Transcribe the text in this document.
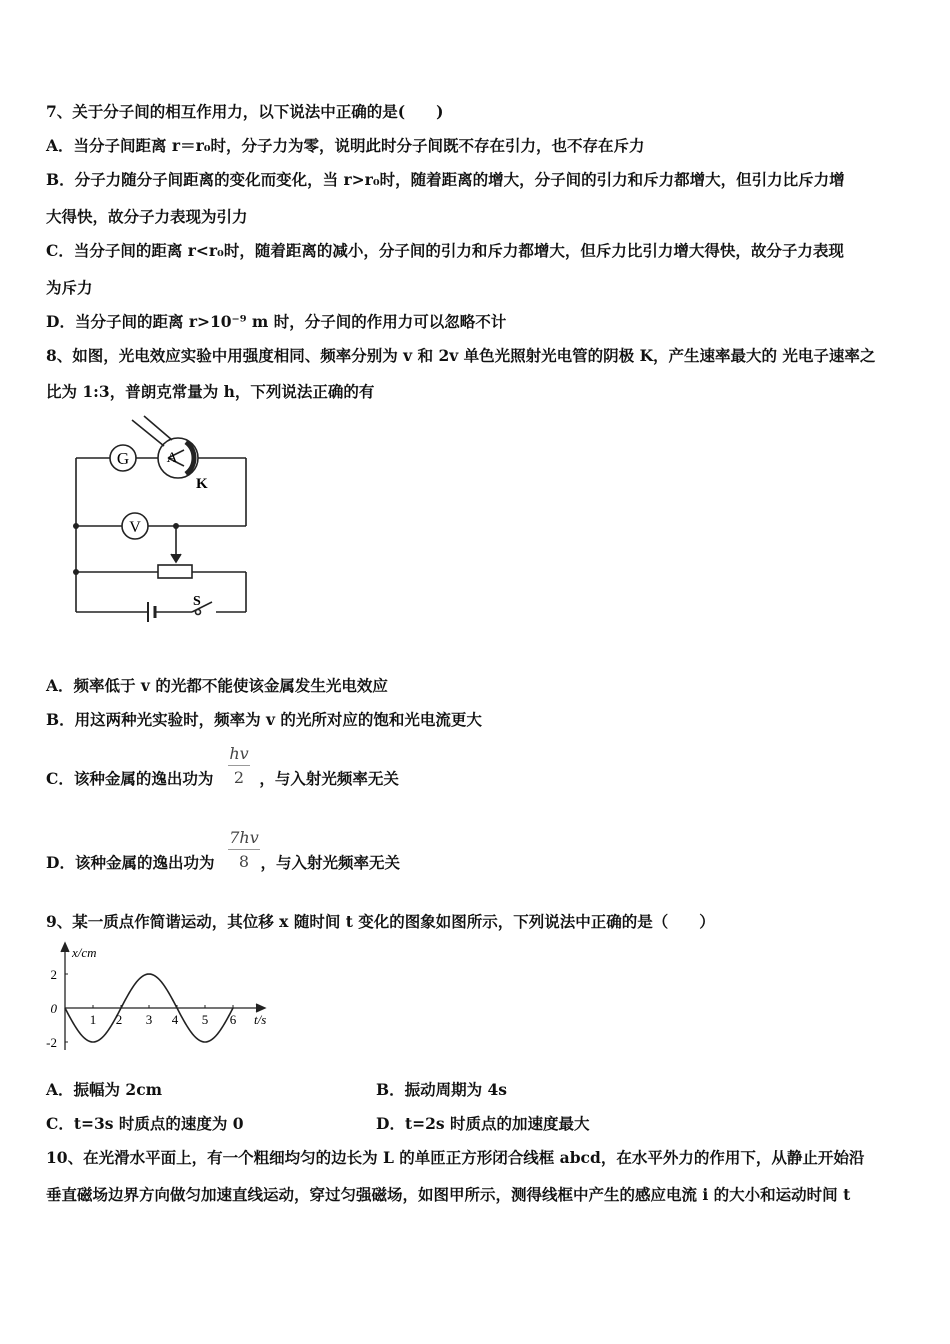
7、关于分子间的相互作用力，以下说法中正确的是(　　)
A．当分子间距离 r＝r₀时，分子力为零，说明此时分子间既不存在引力，也不存在斥力
B．分子力随分子间距离的变化而变化，当 r>r₀时，随着距离的增大，分子间的引力和斥力都增大，但引力比斥力增
大得快，故分子力表现为引力
C．当分子间的距离 r<r₀时，随着距离的减小，分子间的引力和斥力都增大，但斥力比引力增大得快，故分子力表现
为斥力
D．当分子间的距离 r>10⁻⁹ m 时，分子间的作用力可以忽略不计
8、如图，光电效应实验中用强度相同、频率分别为 v 和 2v 单色光照射光电管的阴极 K，产生速率最大的 光电子速率之
比为 1:3，普朗克常量为 h，下列说法正确的有
G A
K
V
S
A．频率低于 v 的光都不能使该金属发生光电效应
B．用这两种光实验时，频率为 v 的光所对应的饱和光电流更大
C．该种金属的逸出功为	，与入射光频率无关
$\frac{hv}{2}$
D．该种金属的逸出功为	，与入射光频率无关
$\frac{7hv}{8}$
9、某一质点作简谐运动，其位移 x 随时间 t 变化的图象如图所示，下列说法中正确的是（　　）
1 2 3 4 5 6
2
0
-2
x/cm
t/s
A．振幅为 2cm	B．振动周期为 4s
C．t=3s 时质点的速度为 0	D．t=2s 时质点的加速度最大
10、在光滑水平面上，有一个粗细均匀的边长为 L 的单匝正方形闭合线框 abcd，在水平外力的作用下，从静止开始沿
垂直磁场边界方向做匀加速直线运动，穿过匀强磁场，如图甲所示，测得线框中产生的感应电流 i 的大小和运动时间 t
